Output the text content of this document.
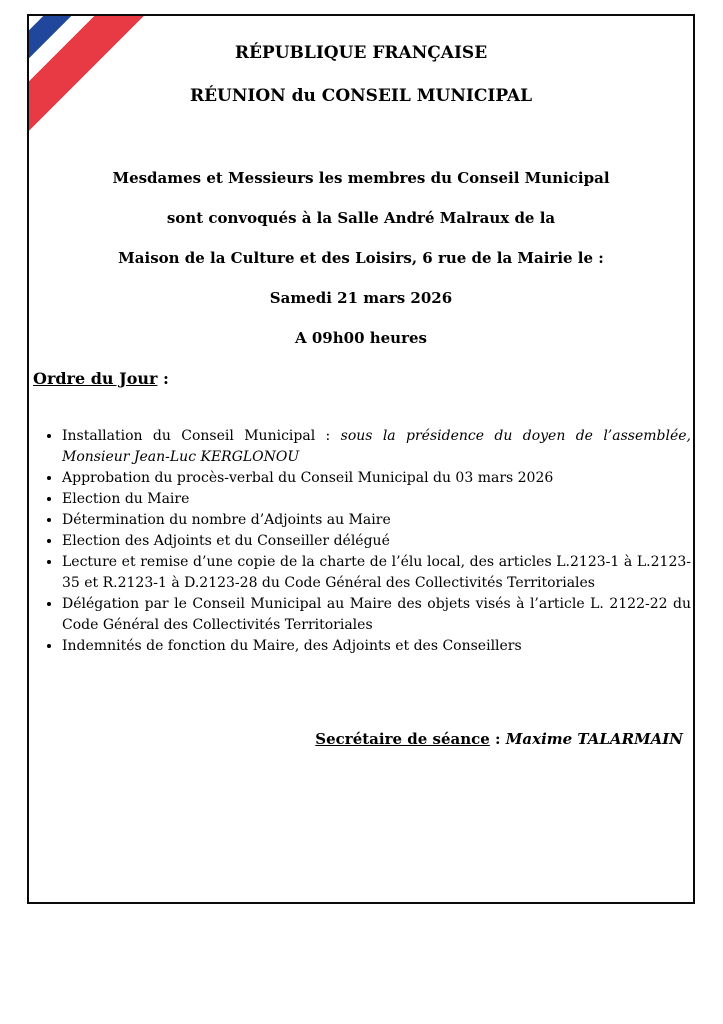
RÉPUBLIQUE FRANÇAISE

RÉUNION du CONSEIL MUNICIPAL

Mesdames et Messieurs les membres du Conseil Municipal

sont convoqués à la Salle André Malraux de la

Maison de la Culture et des Loisirs, 6 rue de la Mairie le :

Samedi 21 mars 2026

A 09h00 heures

Ordre du Jour :

• Installation du Conseil Municipal : sous la présidence du doyen de l’assemblée, Monsieur Jean-Luc KERGLONOU
• Approbation du procès-verbal du Conseil Municipal du 03 mars 2026
• Election du Maire
• Détermination du nombre d’Adjoints au Maire
• Election des Adjoints et du Conseiller délégué
• Lecture et remise d’une copie de la charte de l’élu local, des articles L.2123-1 à L.2123-35 et R.2123-1 à D.2123-28 du Code Général des Collectivités Territoriales
• Délégation par le Conseil Municipal au Maire des objets visés à l’article L. 2122-22 du Code Général des Collectivités Territoriales
• Indemnités de fonction du Maire, des Adjoints et des Conseillers

Secrétaire de séance : Maxime TALARMAIN
